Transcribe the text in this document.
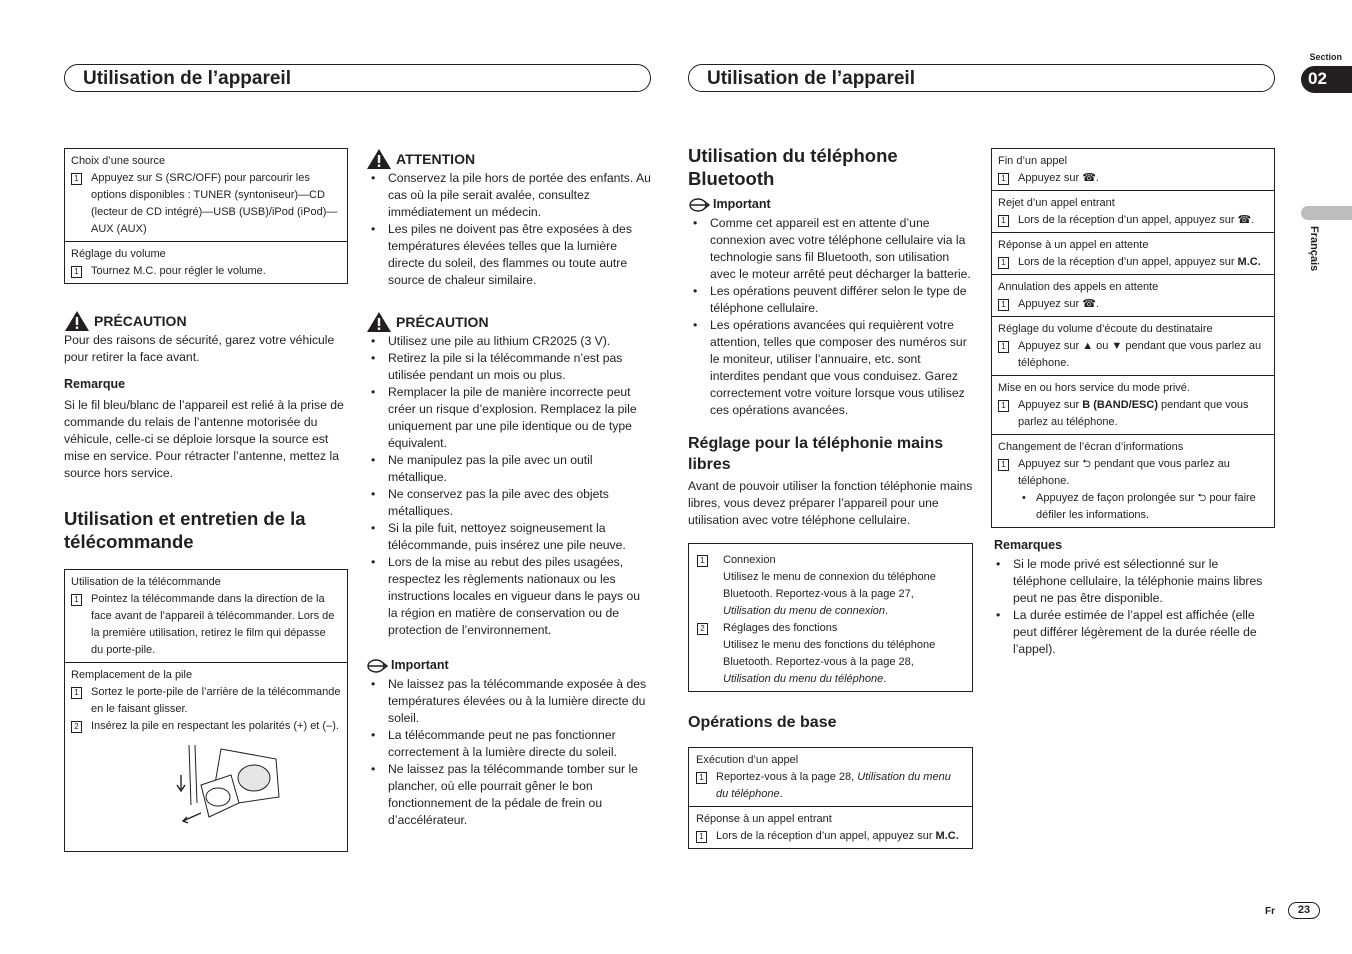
Utilisation de l’appareil	Utilisation de l’appareil
Section
02
Français
Fr	23
Choix d’une source
1 Appuyez sur S (SRC/OFF) pour parcourir les options disponibles : TUNER (syntoniseur)—CD (lecteur de CD intégré)—USB (USB)/iPod (iPod)—AUX (AUX)
Réglage du volume
1 Tournez M.C. pour régler le volume.
PRÉCAUTION

Pour des raisons de sécurité, garez votre véhicule pour retirer la face avant.

Remarque

Si le fil bleu/blanc de l’appareil est relié à la prise de commande du relais de l’antenne motorisée du véhicule, celle-ci se déploie lorsque la source est mise en service. Pour rétracter l’antenne, mettez la source hors service.

Utilisation et entretien de la télécommande
Utilisation de la télécommande
1 Pointez la télécommande dans la direction de la face avant de l’appareil à télécommander. Lors de la première utilisation, retirez le film qui dépasse du porte-pile.
Remplacement de la pile
1 Sortez le porte-pile de l’arrière de la télécommande en le faisant glisser.
2 Insérez la pile en respectant les polarités (+) et (–).
ATTENTION
• Conservez la pile hors de portée des enfants. Au cas où la pile serait avalée, consultez immédiatement un médecin.
• Les piles ne doivent pas être exposées à des températures élevées telles que la lumière directe du soleil, des flammes ou toute autre source de chaleur similaire.
PRÉCAUTION
• Utilisez une pile au lithium CR2025 (3 V).
• Retirez la pile si la télécommande n’est pas utilisée pendant un mois ou plus.
• Remplacer la pile de manière incorrecte peut créer un risque d’explosion. Remplacez la pile uniquement par une pile identique ou de type équivalent.
• Ne manipulez pas la pile avec un outil métallique.
• Ne conservez pas la pile avec des objets métalliques.
• Si la pile fuit, nettoyez soigneusement la télécommande, puis insérez une pile neuve.
• Lors de la mise au rebut des piles usagées, respectez les règlements nationaux ou les instructions locales en vigueur dans le pays ou la région en matière de conservation ou de protection de l’environnement.
Important
• Ne laissez pas la télécommande exposée à des températures élevées ou à la lumière directe du soleil.
• La télécommande peut ne pas fonctionner correctement à la lumière directe du soleil.
• Ne laissez pas la télécommande tomber sur le plancher, où elle pourrait gêner le bon fonctionnement de la pédale de frein ou d’accélérateur.
Utilisation du téléphone Bluetooth
Important
• Comme cet appareil est en attente d’une connexion avec votre téléphone cellulaire via la technologie sans fil Bluetooth, son utilisation avec le moteur arrêté peut décharger la batterie.
• Les opérations peuvent différer selon le type de téléphone cellulaire.
• Les opérations avancées qui requièrent votre attention, telles que composer des numéros sur le moniteur, utiliser l’annuaire, etc. sont interdites pendant que vous conduisez. Garez correctement votre voiture lorsque vous utilisez ces opérations avancées.
Réglage pour la téléphonie mains libres

Avant de pouvoir utiliser la fonction téléphonie mains libres, vous devez préparer l’appareil pour une utilisation avec votre téléphone cellulaire.

1 Connexion
Utilisez le menu de connexion du téléphone Bluetooth. Reportez-vous à la page 27, Utilisation du menu de connexion.
2 Réglages des fonctions
Utilisez le menu des fonctions du téléphone Bluetooth. Reportez-vous à la page 28, Utilisation du menu du téléphone.
Opérations de base
Exécution d’un appel
1 Reportez-vous à la page 28, Utilisation du menu du téléphone.
Réponse à un appel entrant
1 Lors de la réception d’un appel, appuyez sur M.C.
Fin d’un appel
1 Appuyez sur ☎.
Rejet d’un appel entrant
1 Lors de la réception d’un appel, appuyez sur ☎.
Réponse à un appel en attente
1 Lors de la réception d’un appel, appuyez sur M.C.
Annulation des appels en attente
1 Appuyez sur ☎.
Réglage du volume d’écoute du destinataire
1 Appuyez sur ▲ ou ▼ pendant que vous parlez au téléphone.
Mise en ou hors service du mode privé.
1 Appuyez sur B (BAND/ESC) pendant que vous parlez au téléphone.
Changement de l’écran d’informations
1 Appuyez sur ⮌ pendant que vous parlez au téléphone.
• Appuyez de façon prolongée sur ⮌ pour faire défiler les informations.
Remarques
• Si le mode privé est sélectionné sur le téléphone cellulaire, la téléphonie mains libres peut ne pas être disponible.
• La durée estimée de l’appel est affichée (elle peut différer légèrement de la durée réelle de l’appel).
